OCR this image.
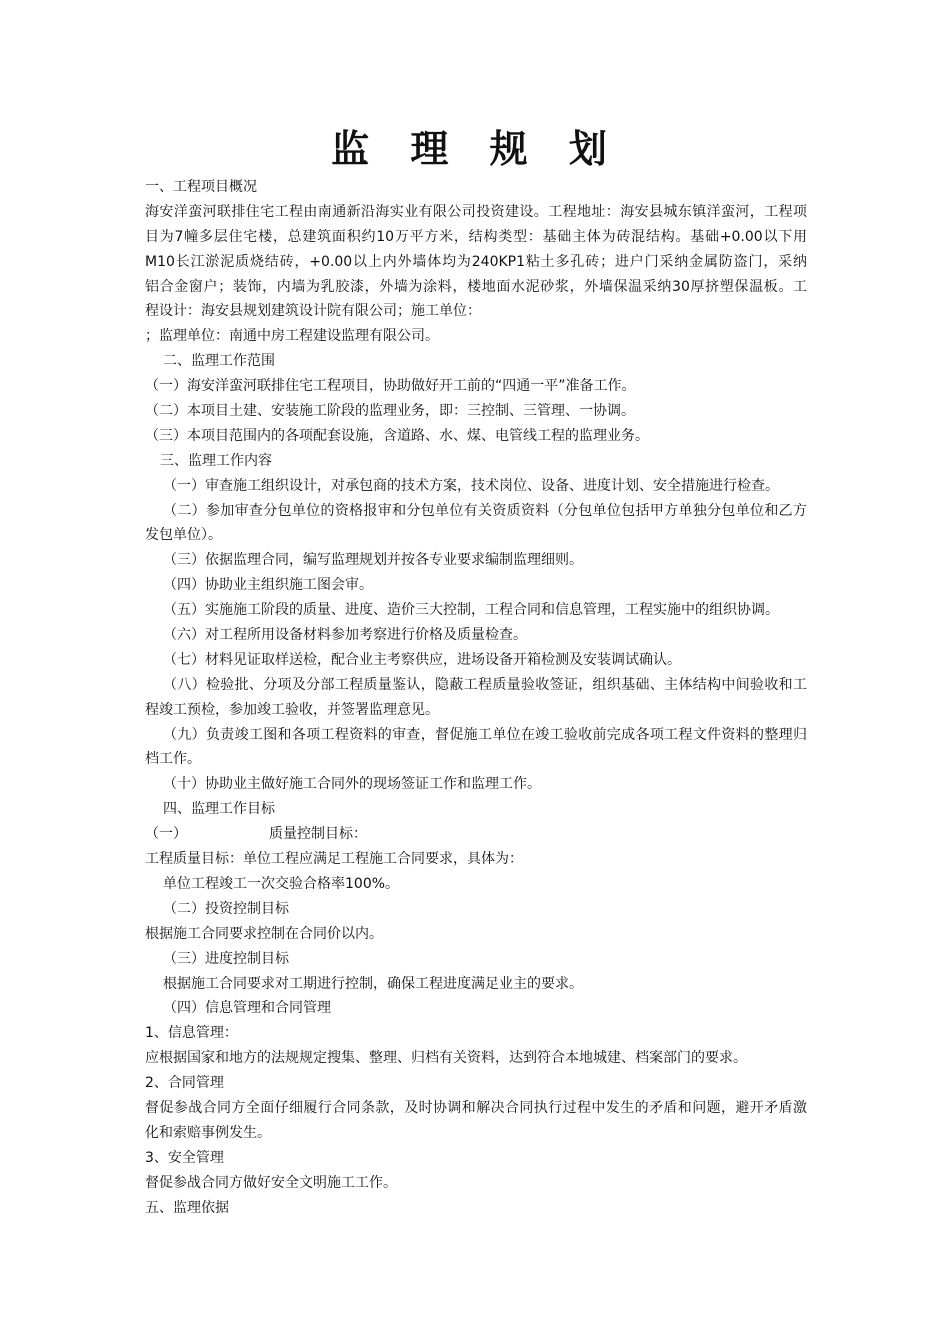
监 理 规 划
一、工程项目概况
海安洋蛮河联排住宅工程由南通新沿海实业有限公司投资建设。工程地址：海安县城东镇洋蛮河，工程项
目为7幢多层住宅楼，总建筑面积约10万平方米，结构类型：基础主体为砖混结构。基础+0.00以下用
M10长江淤泥质烧结砖，+0.00以上内外墙体均为240KP1粘土多孔砖；进户门采纳金属防盗门，采纳
铝合金窗户；装饰，内墙为乳胶漆，外墙为涂料，楼地面水泥砂浆，外墙保温采纳30厚挤塑保温板。工
程设计：海安县规划建筑设计院有限公司；施工单位：
；监理单位：南通中房工程建设监理有限公司。
二、监理工作范围
（一）海安洋蛮河联排住宅工程项目，协助做好开工前的“四通一平”准备工作。
（二）本项目土建、安装施工阶段的监理业务，即：三控制、三管理、一协调。
（三）本项目范围内的各项配套设施，含道路、水、煤、电管线工程的监理业务。
三、监理工作内容
（一）审查施工组织设计，对承包商的技术方案，技术岗位、设备、进度计划、安全措施进行检查。
（二）参加审查分包单位的资格报审和分包单位有关资质资料（分包单位包括甲方单独分包单位和乙方
发包单位）。
（三）依据监理合同，编写监理规划并按各专业要求编制监理细则。
（四）协助业主组织施工图会审。
（五）实施施工阶段的质量、进度、造价三大控制，工程合同和信息管理，工程实施中的组织协调。
（六）对工程所用设备材料参加考察进行价格及质量检查。
（七）材料见证取样送检，配合业主考察供应，进场设备开箱检测及安装调试确认。
（八）检验批、分项及分部工程质量鉴认，隐蔽工程质量验收签证，组织基础、主体结构中间验收和工
程竣工预检，参加竣工验收，并签署监理意见。
（九）负责竣工图和各项工程资料的审查，督促施工单位在竣工验收前完成各项工程文件资料的整理归
档工作。
（十）协助业主做好施工合同外的现场签证工作和监理工作。
四、监理工作目标
（一）	质量控制目标：
工程质量目标：单位工程应满足工程施工合同要求，具体为：
单位工程竣工一次交验合格率100%。
（二）投资控制目标
根据施工合同要求控制在合同价以内。
（三）进度控制目标
根据施工合同要求对工期进行控制，确保工程进度满足业主的要求。
（四）信息管理和合同管理
1、信息管理：
应根据国家和地方的法规规定搜集、整理、归档有关资料，达到符合本地城建、档案部门的要求。
2、合同管理
督促参战合同方全面仔细履行合同条款，及时协调和解决合同执行过程中发生的矛盾和问题，避开矛盾激
化和索赔事例发生。
3、安全管理
督促参战合同方做好安全文明施工工作。
五、监理依据
